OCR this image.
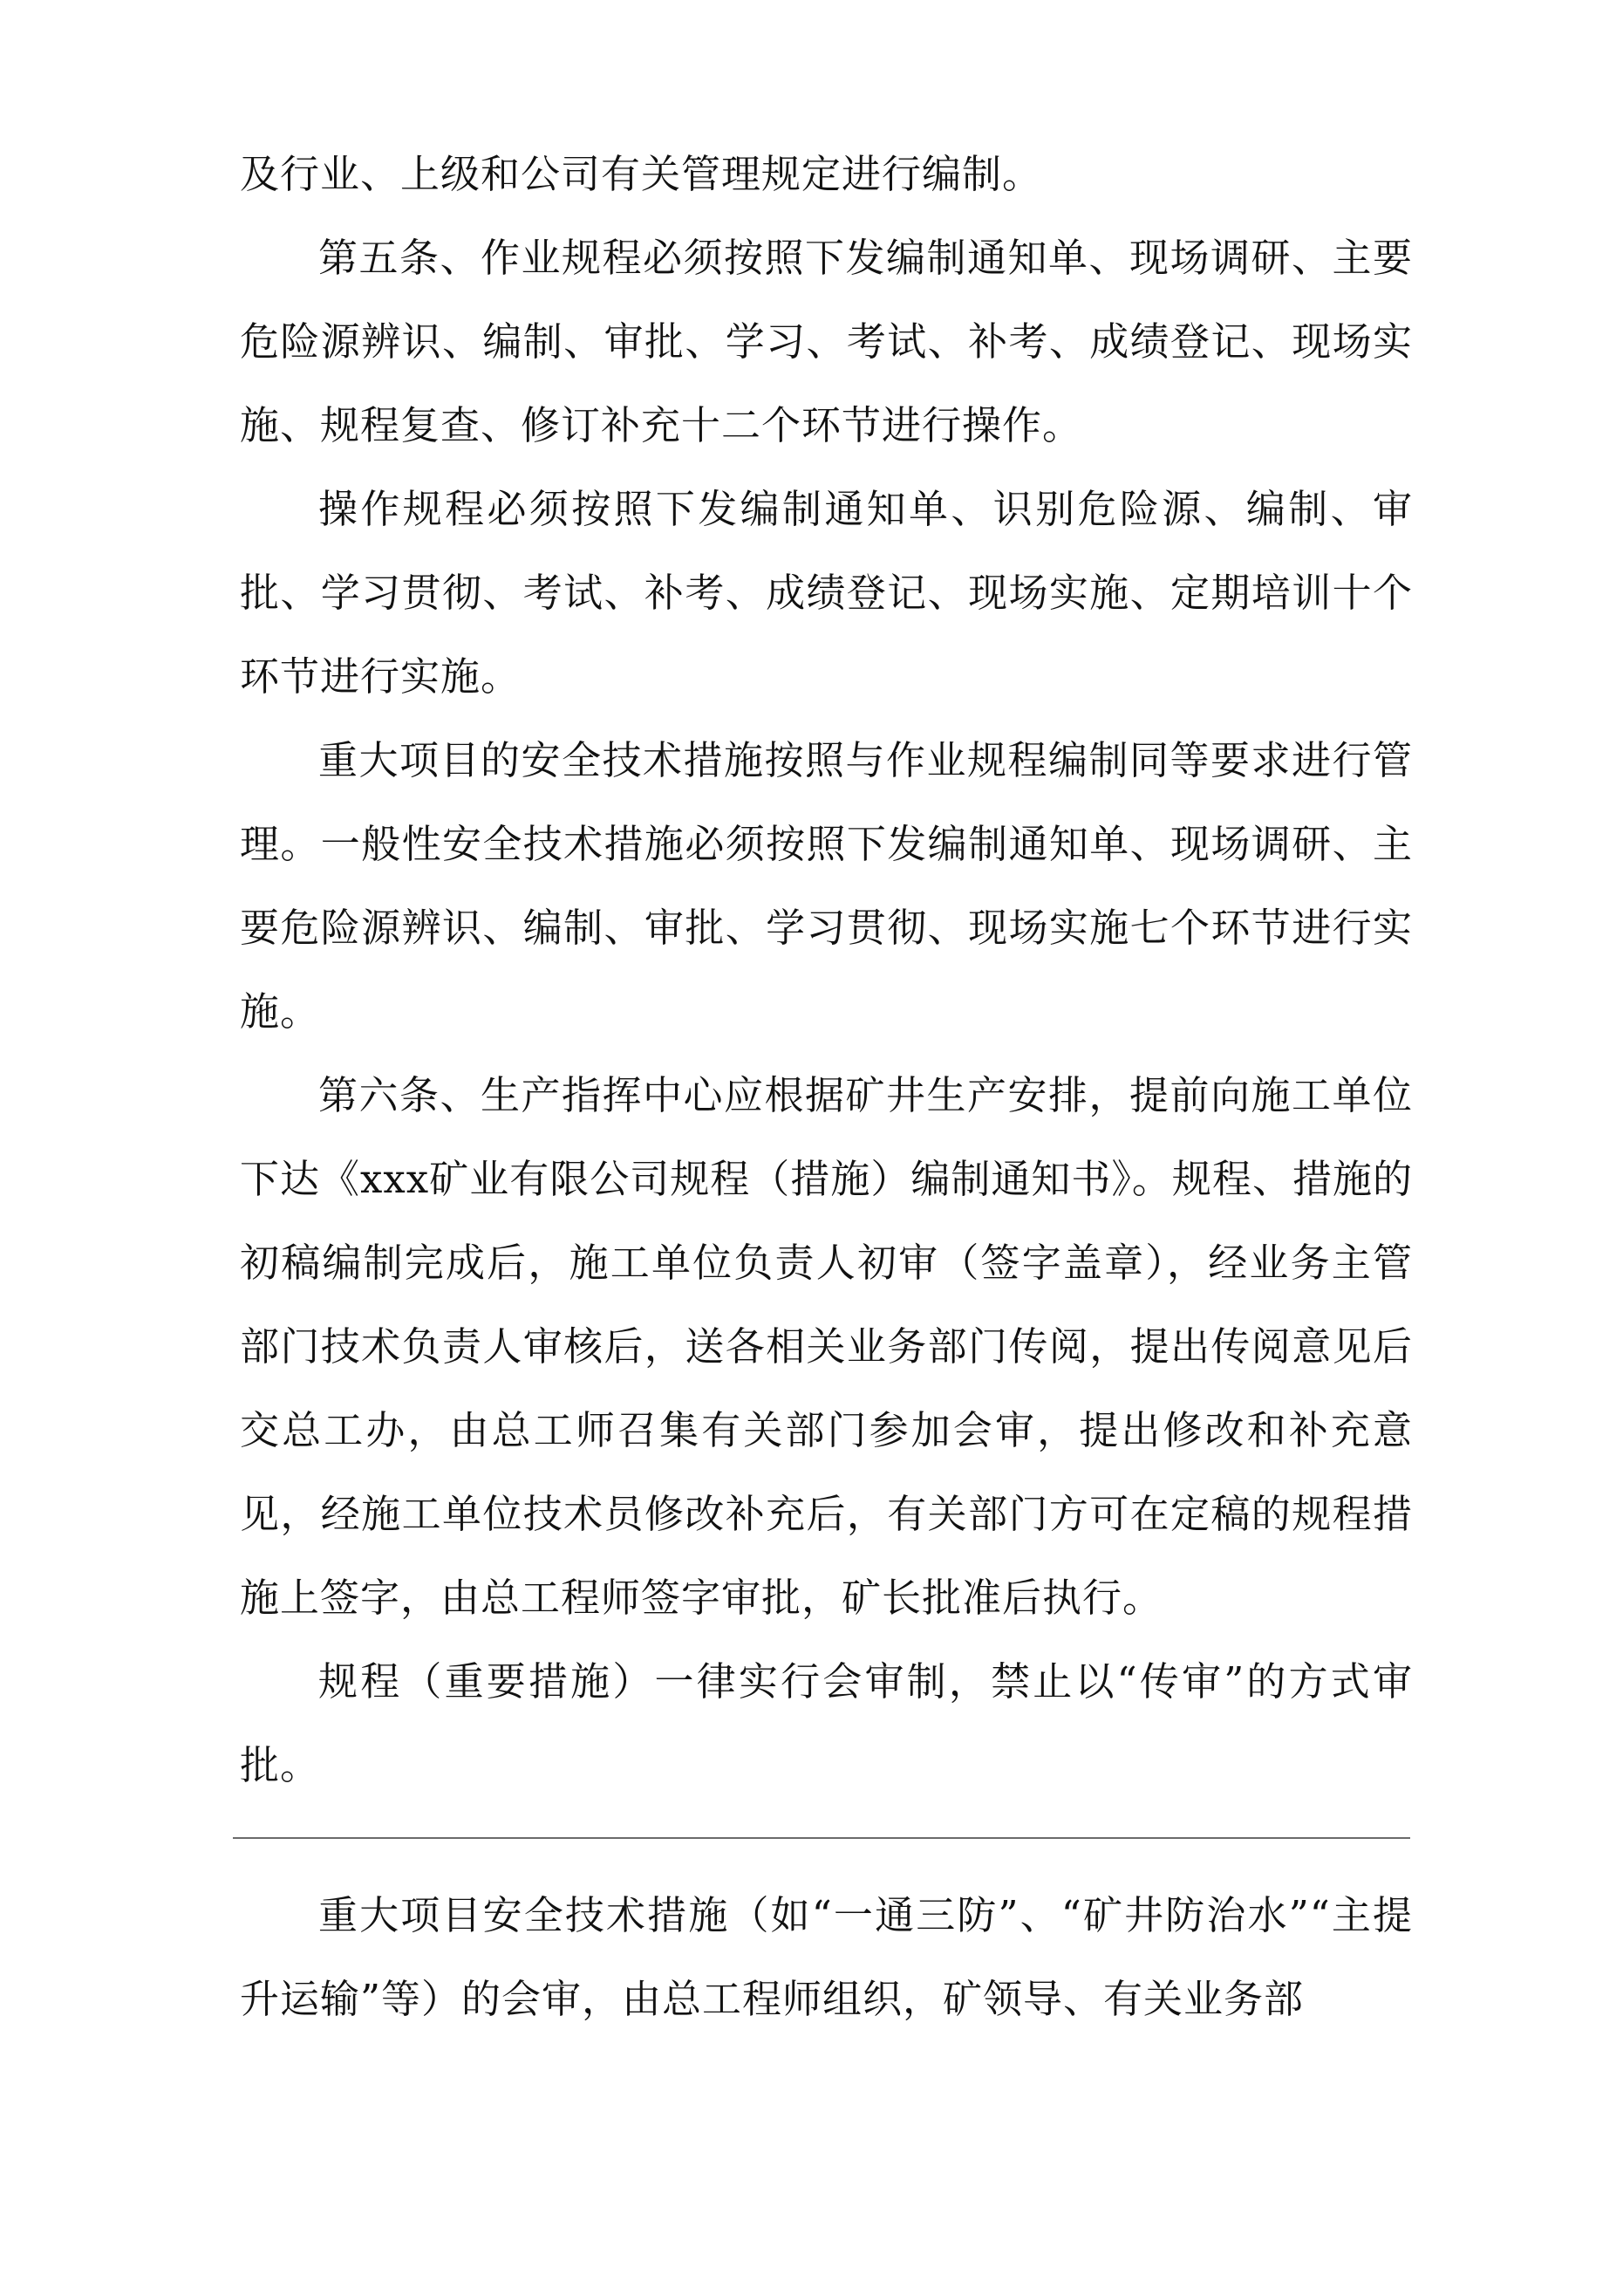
及行业、上级和公司有关管理规定进行编制。

第五条、作业规程必须按照下发编制通知单、现场调研、主要危险源辨识、编制、审批、学习、考试、补考、成绩登记、现场实施、规程复查、修订补充十二个环节进行操作。

操作规程必须按照下发编制通知单、识别危险源、编制、审批、学习贯彻、考试、补考、成绩登记、现场实施、定期培训十个环节进行实施。

重大项目的安全技术措施按照与作业规程编制同等要求进行管理。一般性安全技术措施必须按照下发编制通知单、现场调研、主要危险源辨识、编制、审批、学习贯彻、现场实施七个环节进行实施。

第六条、生产指挥中心应根据矿井生产安排，提前向施工单位下达《xxx矿业有限公司规程（措施）编制通知书》。规程、措施的初稿编制完成后，施工单位负责人初审（签字盖章），经业务主管部门技术负责人审核后，送各相关业务部门传阅，提出传阅意见后交总工办，由总工师召集有关部门参加会审，提出修改和补充意见，经施工单位技术员修改补充后，有关部门方可在定稿的规程措施上签字，由总工程师签字审批，矿长批准后执行。

规程（重要措施）一律实行会审制，禁止以“传审”的方式审批。

重大项目安全技术措施（如“一通三防”、“矿井防治水”“主提升运输”等）的会审，由总工程师组织，矿领导、有关业务部
